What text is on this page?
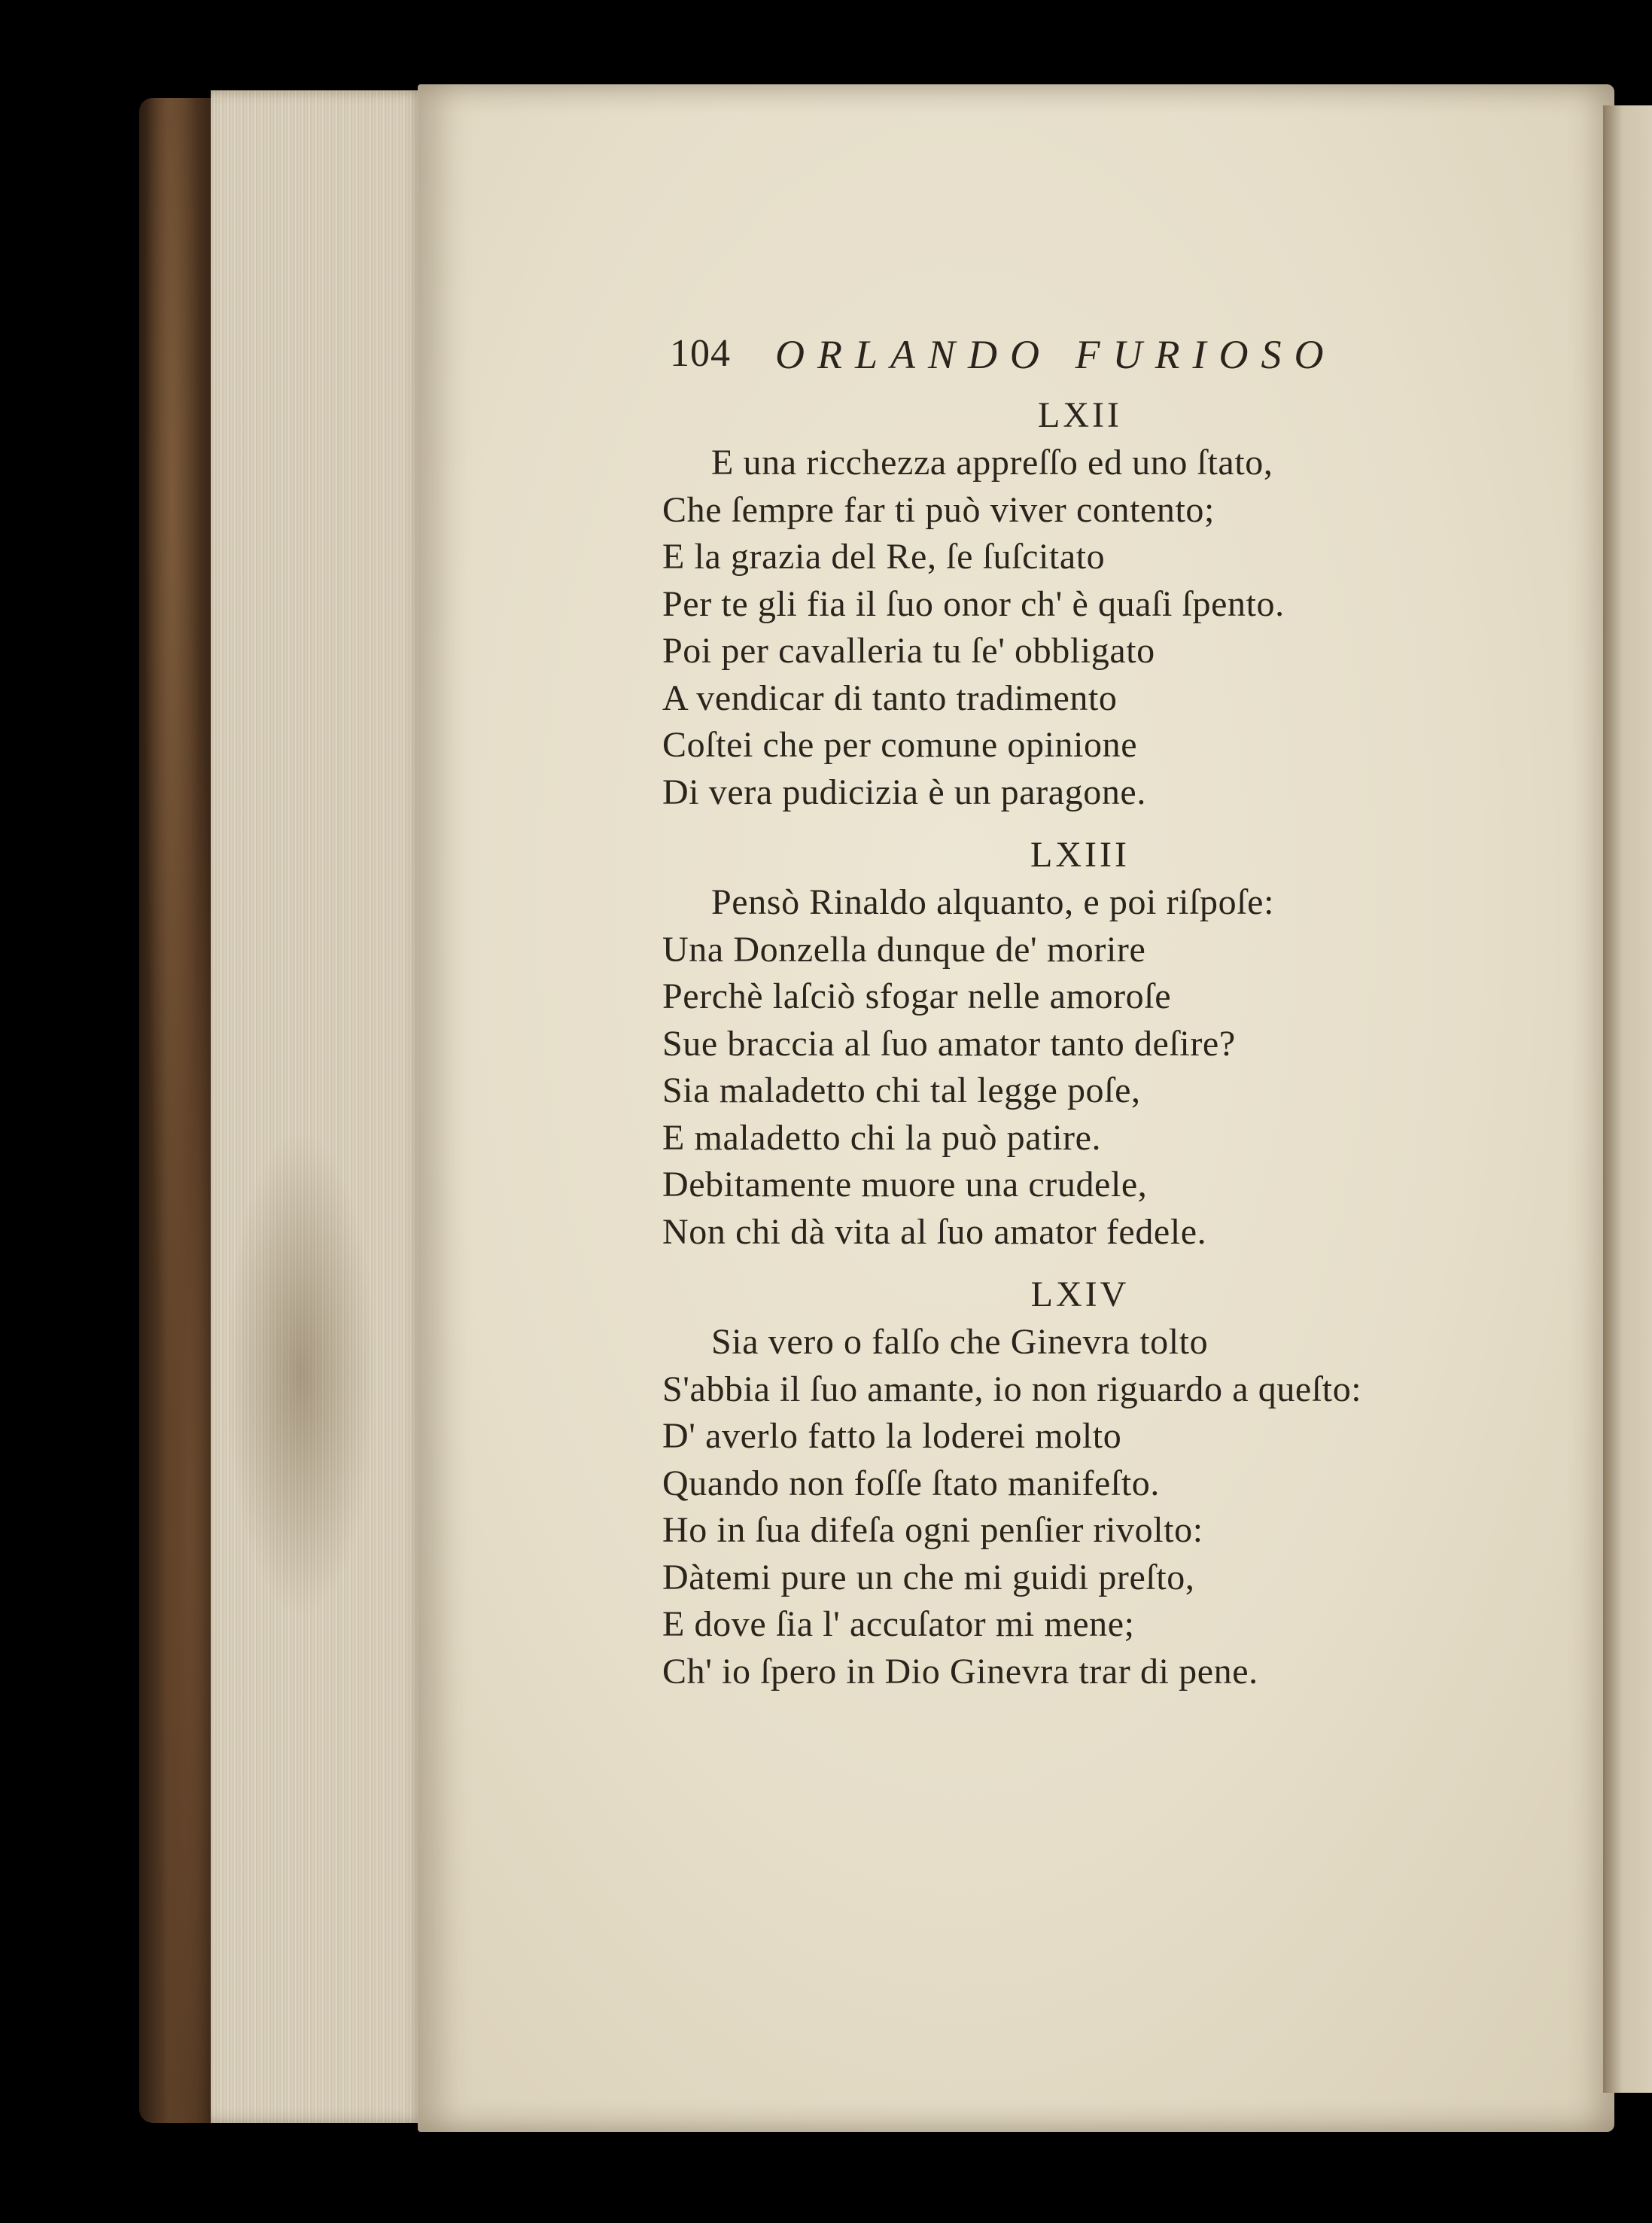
104 ORLANDO FURIOSO
LXII
E una ricchezza appreſſo ed uno ſtato,
Che ſempre far ti può viver contento;
E la grazia del Re, ſe ſuſcitato
Per te gli fia il ſuo onor ch' è quaſi ſpento.
Poi per cavalleria tu ſe' obbligato
A vendicar di tanto tradimento
Coſtei che per comune opinione
Di vera pudicizia è un paragone.
LXIII
Pensò Rinaldo alquanto, e poi riſpoſe:
Una Donzella dunque de' morire
Perchè laſciò sfogar nelle amoroſe
Sue braccia al ſuo amator tanto deſire?
Sia maladetto chi tal legge poſe,
E maladetto chi la può patire.
Debitamente muore una crudele,
Non chi dà vita al ſuo amator fedele.
LXIV
Sia vero o falſo che Ginevra tolto
S'abbia il ſuo amante, io non riguardo a queſto:
D' averlo fatto la loderei molto
Quando non foſſe ſtato manifeſto.
Ho in ſua difeſa ogni penſier rivolto:
Dàtemi pure un che mi guidi preſto,
E dove ſia l' accuſator mi mene;
Ch' io ſpero in Dio Ginevra trar di pene.
